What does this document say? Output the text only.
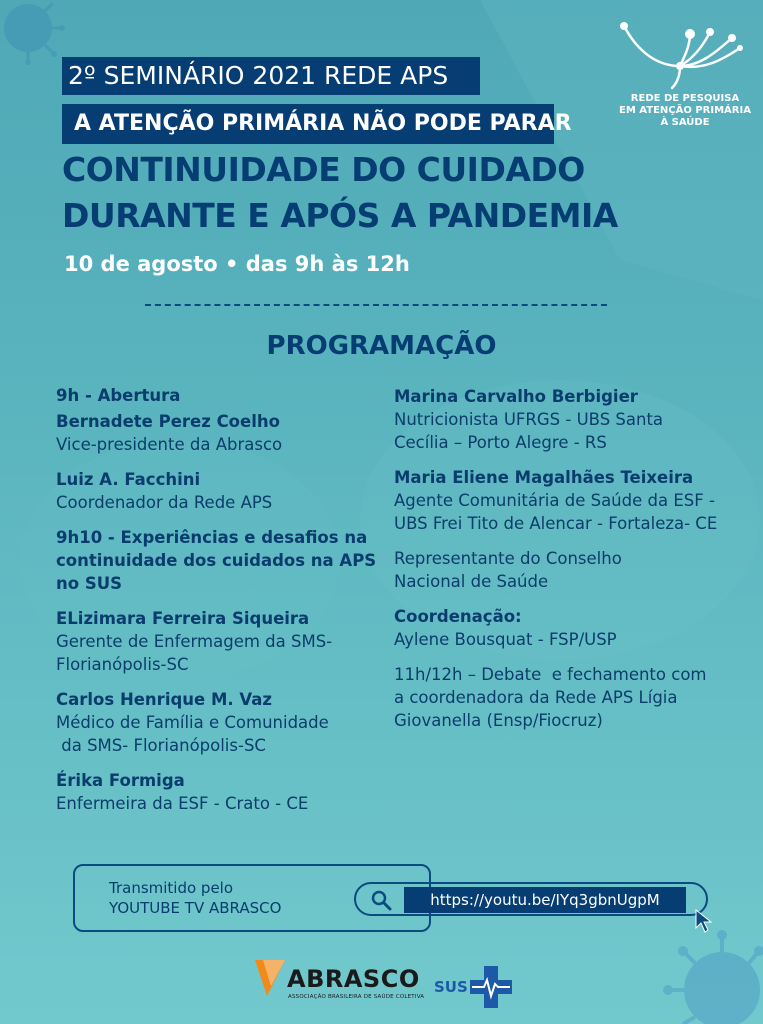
REDE DE PESQUISA
EM ATENÇÃO PRIMÁRIA
À SAÚDE
2º SEMINÁRIO 2021 REDE APS
A ATENÇÃO PRIMÁRIA NÃO PODE PARAR
CONTINUIDADE DO CUIDADO
DURANTE E APÓS A PANDEMIA
10 de agosto • das 9h às 12h
PROGRAMAÇÃO
9h - Abertura
Bernadete Perez Coelho
Vice-presidente da Abrasco
Luiz A. Facchini
Coordenador da Rede APS
9h10 - Experiências e desafios na
continuidade dos cuidados na APS
no SUS
ELizimara Ferreira Siqueira
Gerente de Enfermagem da SMS-
Florianópolis-SC
Carlos Henrique M. Vaz
Médico de Família e Comunidade
da SMS- Florianópolis-SC
Érika Formiga
Enfermeira da ESF - Crato - CE
Marina Carvalho Berbigier
Nutricionista UFRGS - UBS Santa
Cecília – Porto Alegre - RS
Maria Eliene Magalhães Teixeira
Agente Comunitária de Saúde da ESF -
UBS Frei Tito de Alencar - Fortaleza- CE
Representante do Conselho
Nacional de Saúde
Coordenação:
Aylene Bousquat - FSP/USP
11h/12h – Debate  e fechamento com
a coordenadora da Rede APS Lígia
Giovanella (Ensp/Fiocruz)
Transmitido pelo
YOUTUBE TV ABRASCO	https://youtu.be/IYq3gbnUgpM
ABRASCO
ASSOCIAÇÃO BRASILEIRA DE SAÚDE COLETIVA
SUS
